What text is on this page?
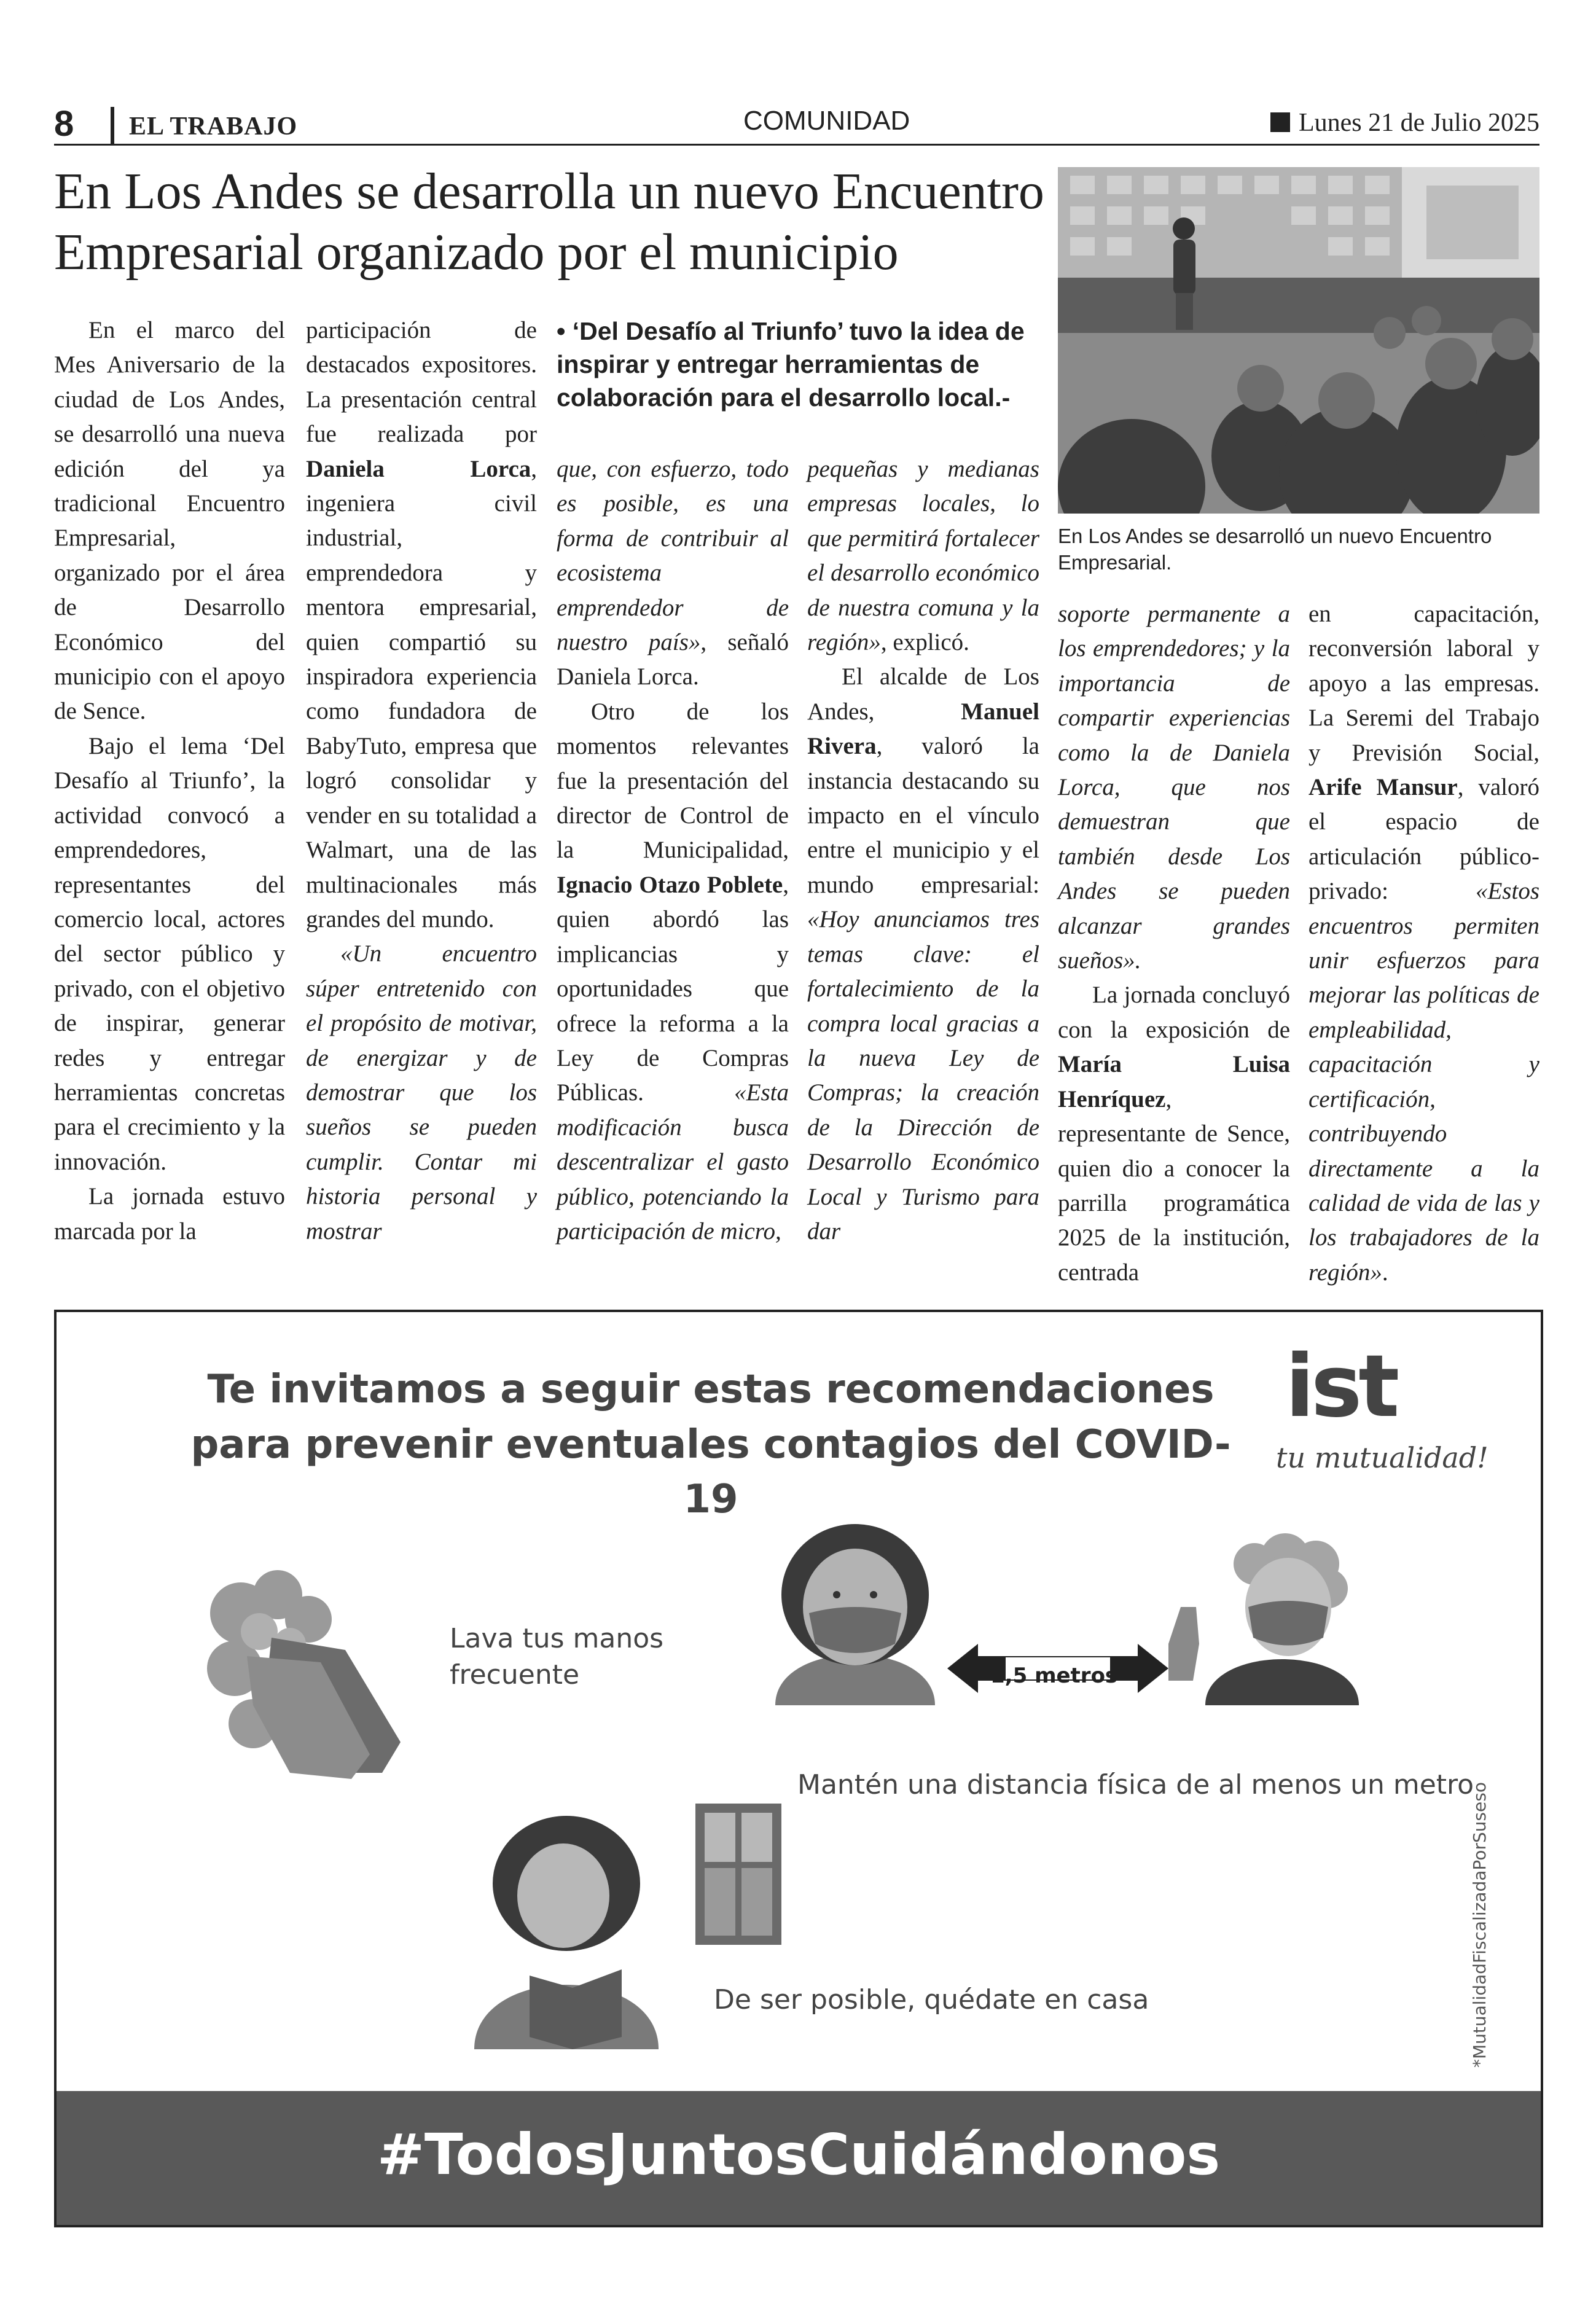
8 EL TRABAJO	COMUNIDAD	Lunes 21 de Julio 2025
En Los Andes se desarrolla un nuevo Encuentro Empresarial organizado por el municipio
En Los Andes se desarrolló un nuevo Encuentro Empresarial.
• ‘Del Desafío al Triunfo’ tuvo la idea de inspirar y entregar herramientas de colaboración para el desarrollo local.-

En el marco del Mes Aniversario de la ciudad de Los Andes, se desarrolló una nueva edición del ya tradicional Encuentro Empresarial, organizado por el área de Desarrollo Económico del municipio con el apoyo de Sence.

Bajo el lema ‘Del Desafío al Triunfo’, la actividad convocó a emprendedores, representantes del comercio local, actores del sector público y privado, con el objetivo de inspirar, generar redes y entregar herramientas concretas para el crecimiento y la innovación.

La jornada estuvo marcada por la

participación de destacados expositores. La presentación central fue realizada por Daniela Lorca, ingeniera civil industrial, emprendedora y mentora empresarial, quien compartió su inspiradora experiencia como fundadora de BabyTuto, empresa que logró consolidar y vender en su totalidad a Walmart, una de las multinacionales más grandes del mundo.

«Un encuentro súper entretenido con el propósito de motivar, de energizar y de demostrar que los sueños se pueden cumplir. Contar mi historia personal y mostrar

que, con esfuerzo, todo es posible, es una forma de contribuir al ecosistema emprendedor de nuestro país», señaló Daniela Lorca.

Otro de los momentos relevantes fue la presentación del director de Control de la Municipalidad, Ignacio Otazo Poblete, quien abordó las implicancias y oportunidades que ofrece la reforma a la Ley de Compras Públicas.	«Esta modificación busca descentralizar el gasto público, potenciando la participación de micro,

pequeñas y medianas empresas locales, lo que permitirá fortalecer el desarrollo económico de nuestra comuna y la región», explicó.

El alcalde de Los Andes, Manuel Rivera, valoró la instancia destacando su impacto en el vínculo entre el municipio y el mundo empresarial: «Hoy anunciamos tres temas clave: el fortalecimiento de la compra local gracias a la nueva Ley de Compras; la creación de la Dirección de Desarrollo Económico Local y Turismo para dar

soporte permanente a los emprendedores; y la importancia de compartir experiencias como la de Daniela Lorca, que nos demuestran que también desde Los Andes se pueden alcanzar grandes sueños».

La jornada concluyó con la exposición de María Luisa Henríquez, representante de Sence, quien dio a conocer la parrilla programática 2025 de la institución, centrada

en capacitación, reconversión laboral y apoyo a las empresas. La Seremi del Trabajo y Previsión Social, Arife Mansur, valoró el espacio de articulación público-privado: «Estos encuentros permiten unir esfuerzos para mejorar las políticas de empleabilidad, capacitación y certificación, contribuyendo directamente a la calidad de vida de las y los trabajadores de la región».

Te invitamos a seguir estas recomendaciones para prevenir eventuales contagios del COVID-19
ist
tu mutualidad!
Lava tus manos frecuente	1,5 metros
Mantén una distancia física de al menos un metro
De ser posible, quédate en casa	*MutualidadFiscalizadaPorSuseso
#TodosJuntosCuidándonos
